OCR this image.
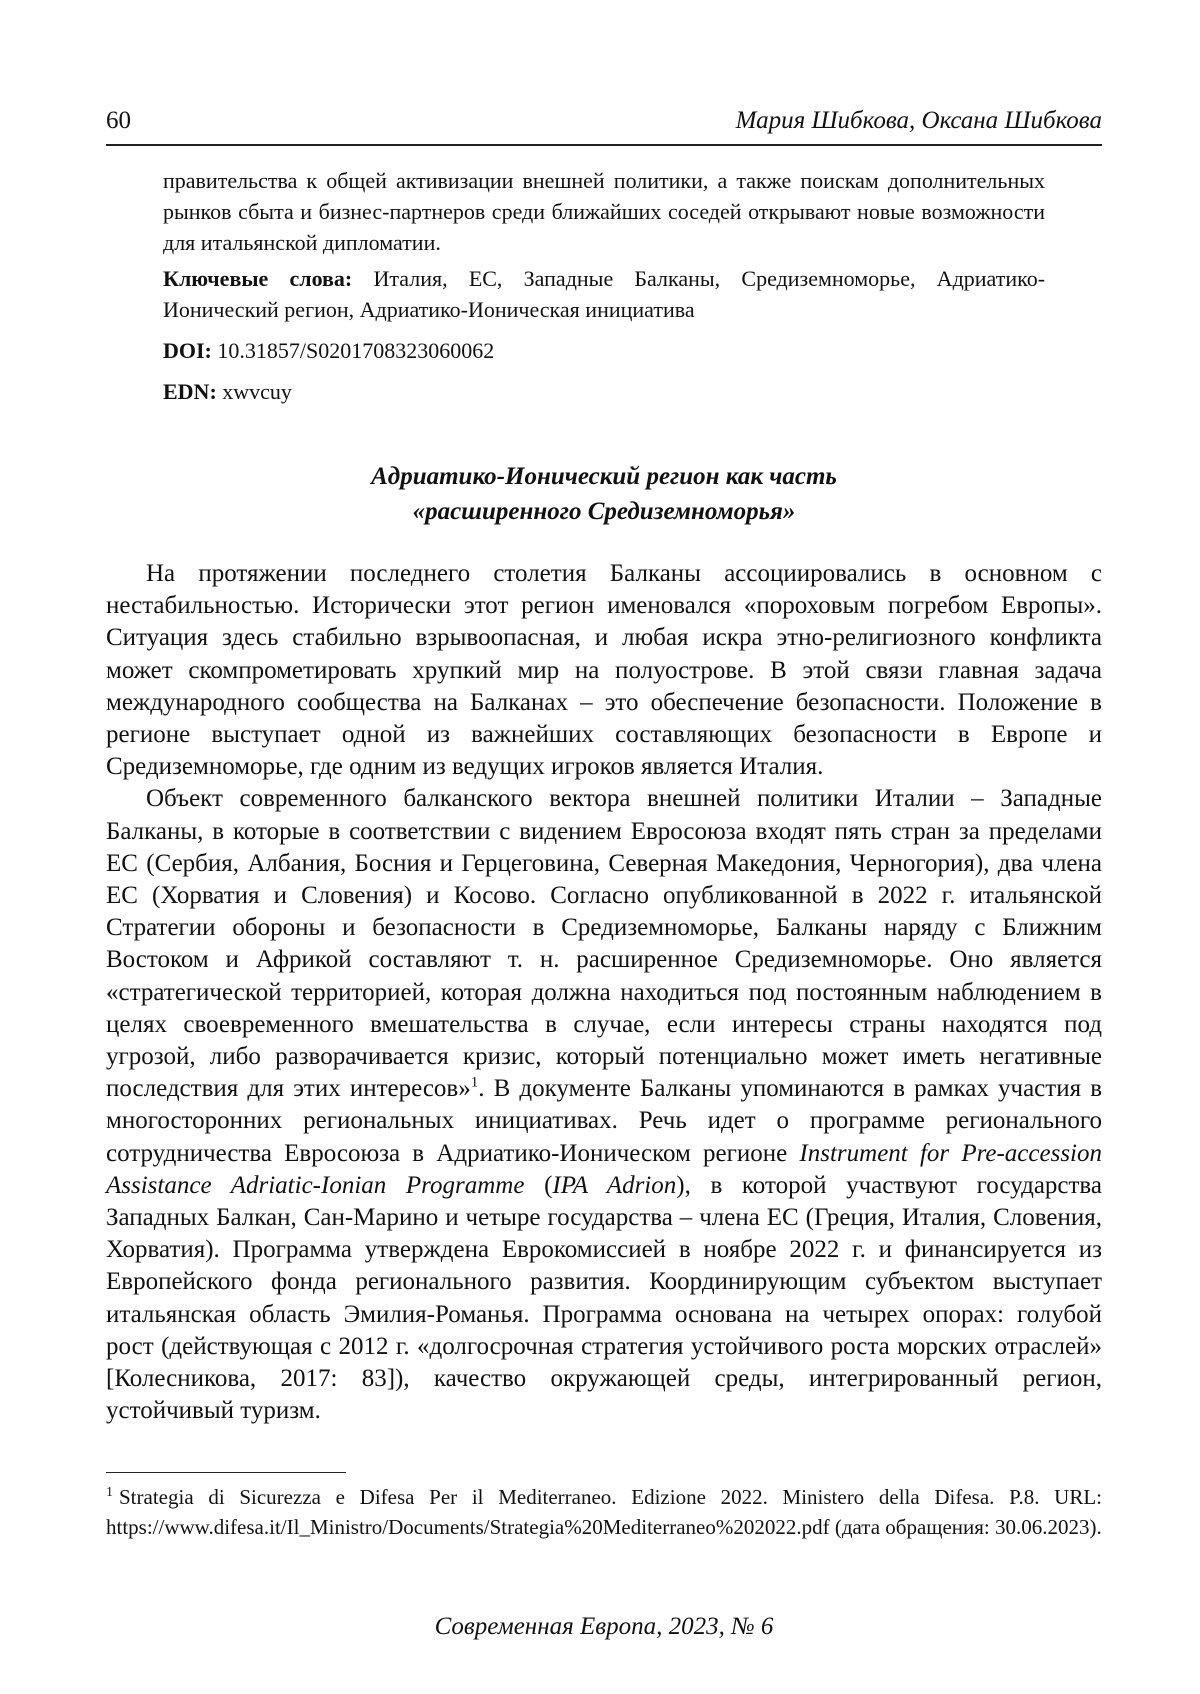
60	Мария Шибкова, Оксана Шибкова

правительства к общей активизации внешней политики, а также поискам дополнительных рынков сбыта и бизнес-партнеров среди ближайших соседей открывают новые возможности для итальянской дипломатии.

Ключевые слова: Италия, ЕС, Западные Балканы, Средиземноморье, Адриатико-Ионический регион, Адриатико-Ионическая инициатива

DOI: 10.31857/S0201708323060062

EDN: xwvcuy

Адриатико-Ионический регион как часть
«расширенного Средиземноморья»

На протяжении последнего столетия Балканы ассоциировались в основном с нестабильностью. Исторически этот регион именовался «пороховым погребом Европы». Ситуация здесь стабильно взрывоопасная, и любая искра этно-религиозного конфликта может скомпрометировать хрупкий мир на полуострове. В этой связи главная задача международного сообщества на Балканах – это обеспечение безопасности. Положение в регионе выступает одной из важнейших составляющих безопасности в Европе и Средиземноморье, где одним из ведущих игроков является Италия.

Объект современного балканского вектора внешней политики Италии – Западные Балканы, в которые в соответствии с видением Евросоюза входят пять стран за пределами ЕС (Сербия, Албания, Босния и Герцеговина, Северная Македония, Черногория), два члена ЕС (Хорватия и Словения) и Косово. Согласно опубликованной в 2022 г. итальянской Стратегии обороны и безопасности в Средиземноморье, Балканы наряду с Ближним Востоком и Африкой составляют т. н. расширенное Средиземноморье. Оно является «стратегической территорией, которая должна находиться под постоянным наблюдением в целях своевременного вмешательства в случае, если интересы страны находятся под угрозой, либо разворачивается кризис, который потенциально может иметь негативные последствия для этих интересов»$^1$. В документе Балканы упоминаются в рамках участия в многосторонних региональных инициативах. Речь идет о программе регионального сотрудничества Евросоюза в Адриатико-Ионическом регионе Instrument for Pre-accession Assistance Adriatic-Ionian Programme (IPA Adrion), в которой участвуют государства Западных Балкан, Сан-Марино и четыре государства – члена ЕС (Греция, Италия, Словения, Хорватия). Программа утверждена Еврокомиссией в ноябре 2022 г. и финансируется из Европейского фонда регионального развития. Координирующим субъектом выступает итальянская область Эмилия-Романья. Программа основана на четырех опорах: голубой рост (действующая с 2012 г. «долгосрочная стратегия устойчивого роста морских отраслей» [Колесникова, 2017: 83]), качество окружающей среды, интегрированный регион, устойчивый туризм.

$^1$ Strategia di Sicurezza e Difesa Per il Mediterraneo. Edizione 2022. Ministero della Difesa. P.8. URL: https://www.difesa.it/Il_Ministro/Documents/Strategia%20Mediterraneo%202022.pdf (дата обращения: 30.06.2023).

Современная Европа, 2023, № 6
